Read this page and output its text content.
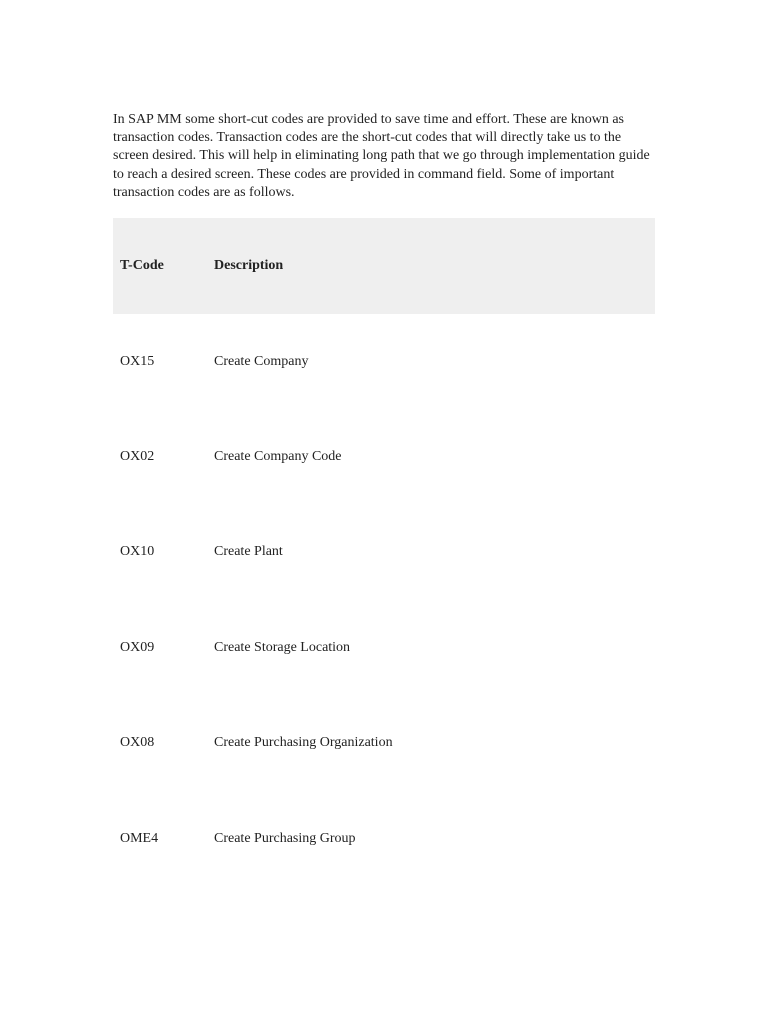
In SAP MM some short-cut codes are provided to save time and effort. These are known as transaction codes. Transaction codes are the short-cut codes that will directly take us to the screen desired. This will help in eliminating long path that we go through implementation guide to reach a desired screen. These codes are provided in command field. Some of important transaction codes are as follows.

T-Code	Description
OX15	Create Company
OX02	Create Company Code
OX10	Create Plant
OX09	Create Storage Location
OX08	Create Purchasing Organization
OME4	Create Purchasing Group
